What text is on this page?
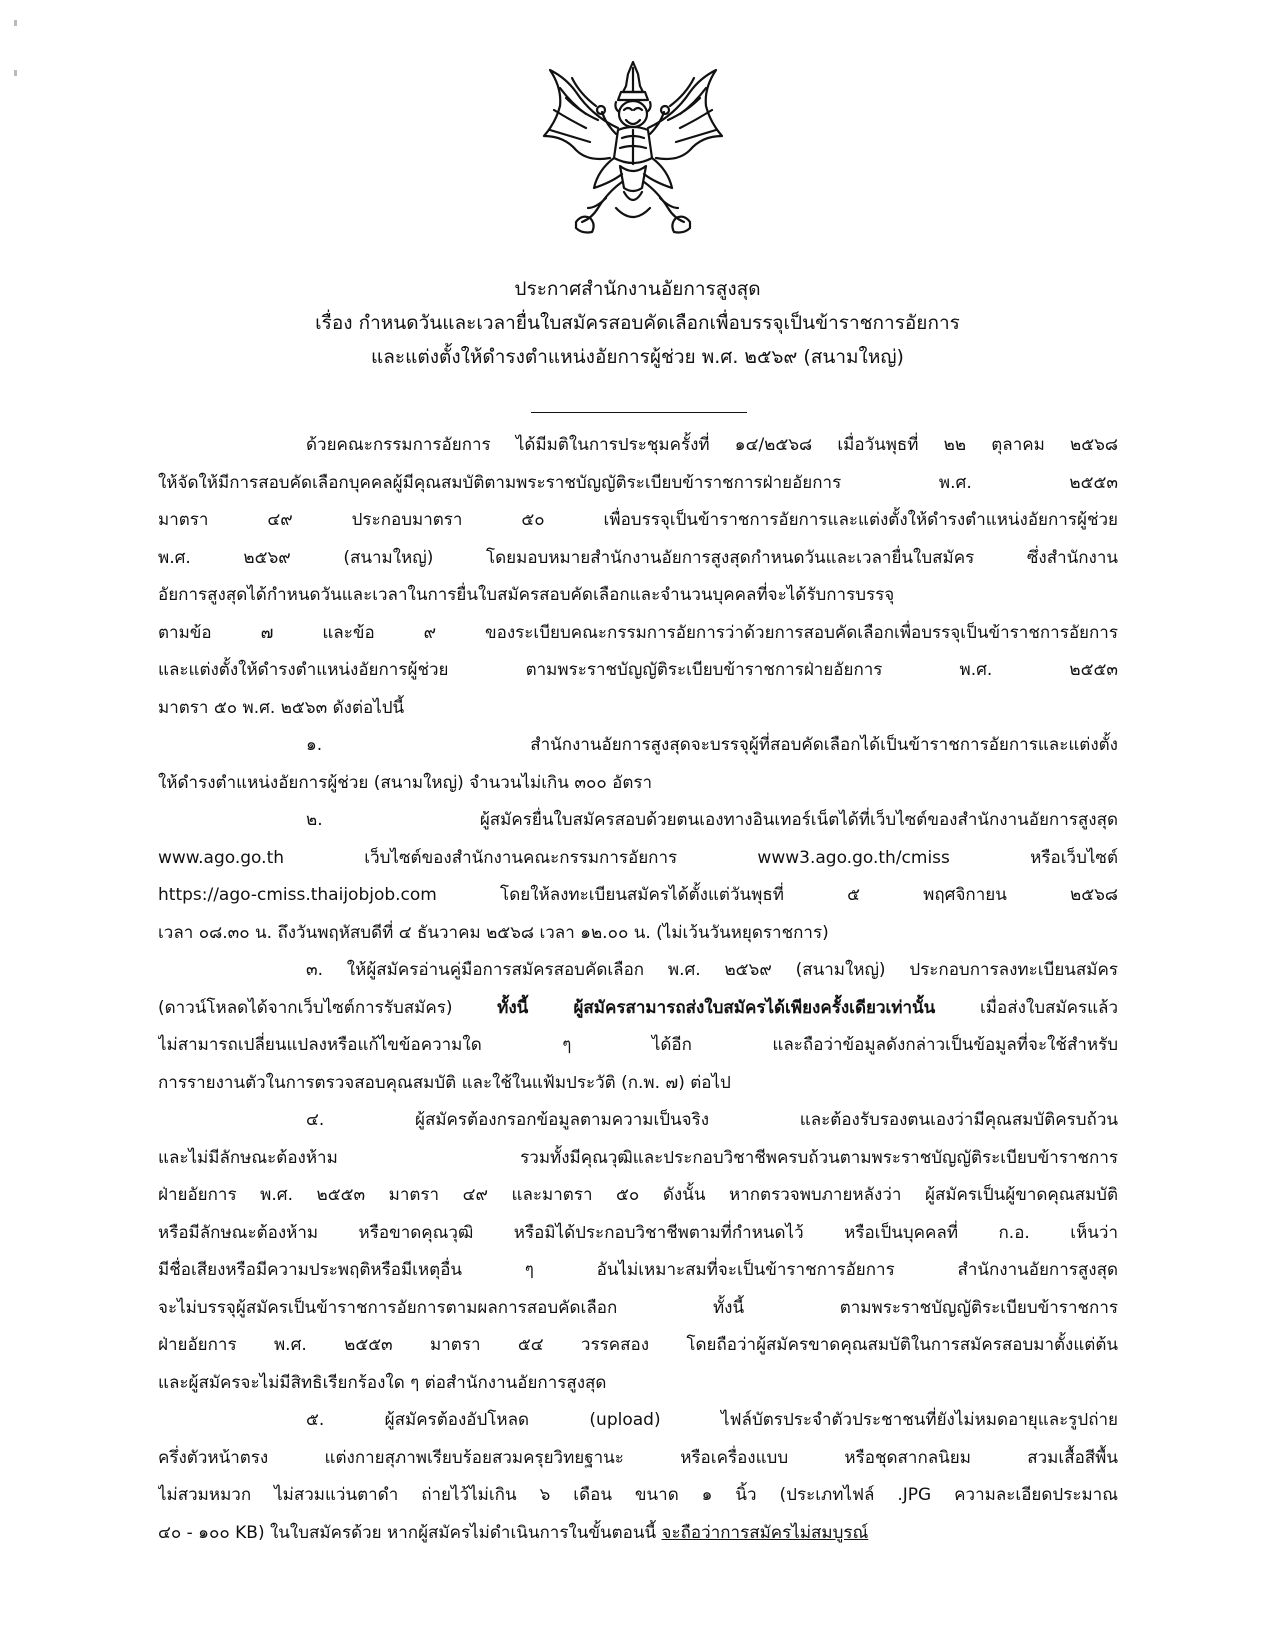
ประกาศสำนักงานอัยการสูงสุด
เรื่อง กำหนดวันและเวลายื่นใบสมัครสอบคัดเลือกเพื่อบรรจุเป็นข้าราชการอัยการ
และแต่งตั้งให้ดำรงตำแหน่งอัยการผู้ช่วย พ.ศ. ๒๕๖๙ (สนามใหญ่)
ด้วยคณะกรรมการอัยการ ได้มีมติในการประชุมครั้งที่ ๑๔/๒๕๖๘ เมื่อวันพุธที่ ๒๒ ตุลาคม ๒๕๖๘
ให้จัดให้มีการสอบคัดเลือกบุคคลผู้มีคุณสมบัติตามพระราชบัญญัติระเบียบข้าราชการฝ่ายอัยการ พ.ศ. ๒๕๕๓
มาตรา ๔๙ ประกอบมาตรา ๕๐ เพื่อบรรจุเป็นข้าราชการอัยการและแต่งตั้งให้ดำรงตำแหน่งอัยการผู้ช่วย
พ.ศ. ๒๕๖๙ (สนามใหญ่) โดยมอบหมายสำนักงานอัยการสูงสุดกำหนดวันและเวลายื่นใบสมัคร ซึ่งสำนักงาน
อัยการสูงสุดได้กำหนดวันและเวลาในการยื่นใบสมัครสอบคัดเลือกและจำนวนบุคคลที่จะได้รับการบรรจุ
ตามข้อ ๗ และข้อ ๙ ของระเบียบคณะกรรมการอัยการว่าด้วยการสอบคัดเลือกเพื่อบรรจุเป็นข้าราชการอัยการ
และแต่งตั้งให้ดำรงตำแหน่งอัยการผู้ช่วย ตามพระราชบัญญัติระเบียบข้าราชการฝ่ายอัยการ พ.ศ. ๒๕๕๓
มาตรา ๕๐ พ.ศ. ๒๕๖๓ ดังต่อไปนี้
๑. สำนักงานอัยการสูงสุดจะบรรจุผู้ที่สอบคัดเลือกได้เป็นข้าราชการอัยการและแต่งตั้ง
ให้ดำรงตำแหน่งอัยการผู้ช่วย (สนามใหญ่) จำนวนไม่เกิน ๓๐๐ อัตรา
๒. ผู้สมัครยื่นใบสมัครสอบด้วยตนเองทางอินเทอร์เน็ตได้ที่เว็บไซต์ของสำนักงานอัยการสูงสุด
www.ago.go.th เว็บไซต์ของสำนักงานคณะกรรมการอัยการ www3.ago.go.th/cmiss หรือเว็บไซต์
https://ago-cmiss.thaijobjob.com โดยให้ลงทะเบียนสมัครได้ตั้งแต่วันพุธที่ ๕ พฤศจิกายน ๒๕๖๘
เวลา ๐๘.๓๐ น. ถึงวันพฤหัสบดีที่ ๔ ธันวาคม ๒๕๖๘ เวลา ๑๒.๐๐ น. (ไม่เว้นวันหยุดราชการ)
๓. ให้ผู้สมัครอ่านคู่มือการสมัครสอบคัดเลือก พ.ศ. ๒๕๖๙ (สนามใหญ่) ประกอบการลงทะเบียนสมัคร
(ดาวน์โหลดได้จากเว็บไซต์การรับสมัคร) ทั้งนี้ ผู้สมัครสามารถส่งใบสมัครได้เพียงครั้งเดียวเท่านั้น เมื่อส่งใบสมัครแล้ว
ไม่สามารถเปลี่ยนแปลงหรือแก้ไขข้อความใด ๆ ได้อีก และถือว่าข้อมูลดังกล่าวเป็นข้อมูลที่จะใช้สำหรับ
การรายงานตัวในการตรวจสอบคุณสมบัติ และใช้ในแฟ้มประวัติ (ก.พ. ๗) ต่อไป
๔. ผู้สมัครต้องกรอกข้อมูลตามความเป็นจริง และต้องรับรองตนเองว่ามีคุณสมบัติครบถ้วน
และไม่มีลักษณะต้องห้าม รวมทั้งมีคุณวุฒิและประกอบวิชาชีพครบถ้วนตามพระราชบัญญัติระเบียบข้าราชการ
ฝ่ายอัยการ พ.ศ. ๒๕๕๓ มาตรา ๔๙ และมาตรา ๕๐ ดังนั้น หากตรวจพบภายหลังว่า ผู้สมัครเป็นผู้ขาดคุณสมบัติ
หรือมีลักษณะต้องห้าม หรือขาดคุณวุฒิ หรือมิได้ประกอบวิชาชีพตามที่กำหนดไว้ หรือเป็นบุคคลที่ ก.อ. เห็นว่า
มีชื่อเสียงหรือมีความประพฤติหรือมีเหตุอื่น ๆ อันไม่เหมาะสมที่จะเป็นข้าราชการอัยการ สำนักงานอัยการสูงสุด
จะไม่บรรจุผู้สมัครเป็นข้าราชการอัยการตามผลการสอบคัดเลือก ทั้งนี้ ตามพระราชบัญญัติระเบียบข้าราชการ
ฝ่ายอัยการ พ.ศ. ๒๕๕๓ มาตรา ๕๔ วรรคสอง โดยถือว่าผู้สมัครขาดคุณสมบัติในการสมัครสอบมาตั้งแต่ต้น
และผู้สมัครจะไม่มีสิทธิเรียกร้องใด ๆ ต่อสำนักงานอัยการสูงสุด
๕. ผู้สมัครต้องอัปโหลด (upload) ไฟล์บัตรประจำตัวประชาชนที่ยังไม่หมดอายุและรูปถ่าย
ครึ่งตัวหน้าตรง แต่งกายสุภาพเรียบร้อยสวมครุยวิทยฐานะ หรือเครื่องแบบ หรือชุดสากลนิยม สวมเสื้อสีพื้น
ไม่สวมหมวก ไม่สวมแว่นตาดำ ถ่ายไว้ไม่เกิน ๖ เดือน ขนาด ๑ นิ้ว (ประเภทไฟล์ .JPG ความละเอียดประมาณ
๔๐ - ๑๐๐ KB) ในใบสมัครด้วย หากผู้สมัครไม่ดำเนินการในขั้นตอนนี้ จะถือว่าการสมัครไม่สมบูรณ์
